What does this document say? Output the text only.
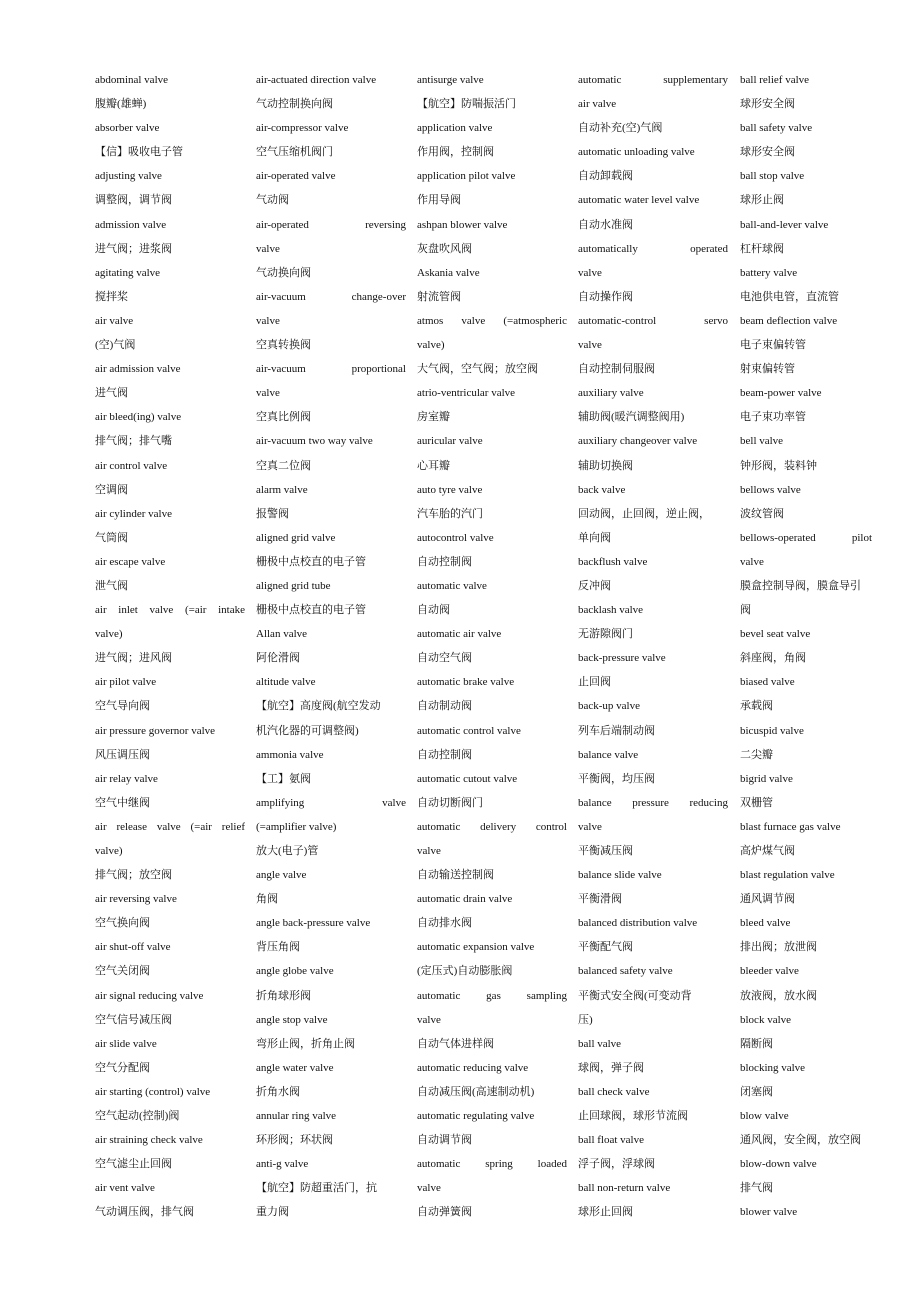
abdominal valve
腹瓣(雄蝉)
absorber valve
【信】吸收电子管
adjusting valve
调整阀，调节阀
admission valve
进气阀；进浆阀
agitating valve
搅拌桨
air valve
(空)气阀
air admission valve
进气阀
air bleed(ing) valve
排气阀；排气嘴
air control valve
空调阀
air cylinder valve
气筒阀
air escape valve
泄气阀
air inlet valve (=air intake
valve)
进气阀；进风阀
air pilot valve
空气导向阀
air pressure governor valve
风压调压阀
air relay valve
空气中继阀
air release valve (=air relief
valve)
排气阀；放空阀
air reversing valve
空气换向阀
air shut-off valve
空气关闭阀
air signal reducing valve
空气信号减压阀
air slide valve
空气分配阀
air starting (control) valve
空气起动(控制)阀
air straining check valve
空气滤尘止回阀
air vent valve
气动调压阀，排气阀
air-actuated direction valve
气动控制换向阀
air-compressor valve
空气压缩机阀门
air-operated valve
气动阀
air-operated reversing
valve
气动换向阀
air-vacuum change-over
valve
空真转换阀
air-vacuum proportional
valve
空真比例阀
air-vacuum two way valve
空真二位阀
alarm valve
报警阀
aligned grid valve
栅极中点校直的电子管
aligned grid tube
栅极中点校直的电子管
Allan valve
阿伦滑阀
altitude valve
【航空】高度阀(航空发动
机汽化器的可调整阀)
ammonia valve
【工】氨阀
amplifying valve
(=amplifier valve)
放大(电子)管
angle valve
角阀
angle back-pressure valve
背压角阀
angle globe valve
折角球形阀
angle stop valve
弯形止阀，折角止阀
angle water valve
折角水阀
annular ring valve
环形阀；环状阀
anti-g valve
【航空】防超重活门，抗
重力阀
antisurge valve
【航空】防喘振活门
application valve
作用阀，控制阀
application pilot valve
作用导阀
ashpan blower valve
灰盘吹风阀
Askania valve
射流管阀
atmos valve (=atmospheric
valve)
大气阀，空气阀；放空阀
atrio-ventricular valve
房室瓣
auricular valve
心耳瓣
auto tyre valve
汽车胎的汽门
autocontrol valve
自动控制阀
automatic valve
自动阀
automatic air valve
自动空气阀
automatic brake valve
自动制动阀
automatic control valve
自动控制阀
automatic cutout valve
自动切断阀门
automatic delivery control
valve
自动输送控制阀
automatic drain valve
自动排水阀
automatic expansion valve
(定压式)自动膨胀阀
automatic gas sampling
valve
自动气体进样阀
automatic reducing valve
自动减压阀(高速制动机)
automatic regulating valve
自动调节阀
automatic spring loaded
valve
自动弹簧阀
automatic supplementary
air valve
自动补充(空)气阀
automatic unloading valve
自动卸载阀
automatic water level valve
自动水准阀
automatically operated
valve
自动操作阀
automatic-control servo
valve
自动控制伺服阀
auxiliary valve
辅助阀(暖汽调整阀用)
auxiliary changeover valve
辅助切换阀
back valve
回动阀，止回阀，逆止阀，
单向阀
backflush valve
反冲阀
backlash valve
无游隙阀门
back-pressure valve
止回阀
back-up valve
列车后端制动阀
balance valve
平衡阀，均压阀
balance pressure reducing
valve
平衡减压阀
balance slide valve
平衡滑阀
balanced distribution valve
平衡配气阀
balanced safety valve
平衡式安全阀(可变动背
压)
ball valve
球阀，弹子阀
ball check valve
止回球阀，球形节流阀
ball float valve
浮子阀，浮球阀
ball non-return valve
球形止回阀
ball relief valve
球形安全阀
ball safety valve
球形安全阀
ball stop valve
球形止阀
ball-and-lever valve
杠杆球阀
battery valve
电池供电管，直流管
beam deflection valve
电子束偏转管
射束偏转管
beam-power valve
电子束功率管
bell valve
钟形阀，装料钟
bellows valve
波纹管阀
bellows-operated pilot
valve
膜盒控制导阀，膜盒导引
阀
bevel seat valve
斜座阀，角阀
biased valve
承载阀
bicuspid valve
二尖瓣
bigrid valve
双栅管
blast furnace gas valve
高炉煤气阀
blast regulation valve
通风调节阀
bleed valve
排出阀；放泄阀
bleeder valve
放液阀，放水阀
block valve
隔断阀
blocking valve
闭塞阀
blow valve
通风阀，安全阀，放空阀
blow-down valve
排气阀
blower valve
